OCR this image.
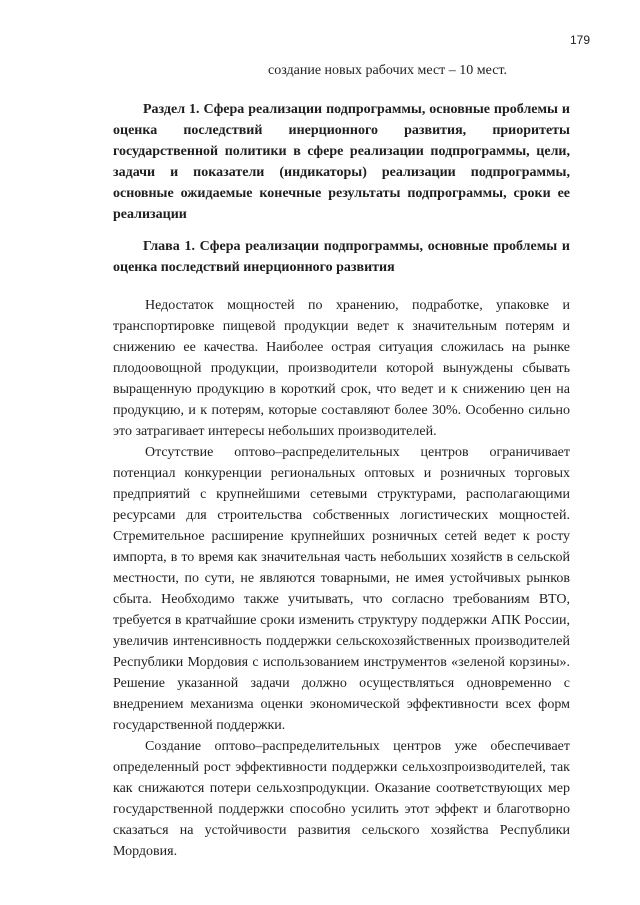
179
создание новых рабочих мест – 10 мест.
Раздел 1. Сфера реализации подпрограммы, основные проблемы и оценка последствий инерционного развития, приоритеты государственной политики в сфере реализации подпрограммы, цели, задачи и показатели (индикаторы) реализации подпрограммы, основные ожидаемые конечные результаты подпрограммы, сроки ее реализации
Глава 1. Сфера реализации подпрограммы, основные проблемы и оценка последствий инерционного развития

Недостаток мощностей по хранению, подработке, упаковке и транспортировке пищевой продукции ведет к значительным потерям и снижению ее качества. Наиболее острая ситуация сложилась на рынке плодоовощной продукции, производители которой вынуждены сбывать выращенную продукцию в короткий срок, что ведет и к снижению цен на продукцию, и к потерям, которые составляют более 30%. Особенно сильно это затрагивает интересы небольших производителей.

Отсутствие оптово–распределительных центров ограничивает потенциал конкуренции региональных оптовых и розничных торговых предприятий с крупнейшими сетевыми структурами, располагающими ресурсами для строительства собственных логистических мощностей. Стремительное расширение крупнейших розничных сетей ведет к росту импорта, в то время как значительная часть небольших хозяйств в сельской местности, по сути, не являются товарными, не имея устойчивых рынков сбыта. Необходимо также учитывать, что согласно требованиям ВТО, требуется в кратчайшие сроки изменить структуру поддержки АПК России, увеличив интенсивность поддержки сельскохозяйственных производителей Республики Мордовия с использованием инструментов «зеленой корзины». Решение указанной задачи должно осуществляться одновременно с внедрением механизма оценки экономической эффективности всех форм государственной поддержки.

Создание оптово–распределительных центров уже обеспечивает определенный рост эффективности поддержки сельхозпроизводителей, так как снижаются потери сельхозпродукции. Оказание соответствующих мер государственной поддержки способно усилить этот эффект и благотворно сказаться на устойчивости развития сельского хозяйства Республики Мордовия.
